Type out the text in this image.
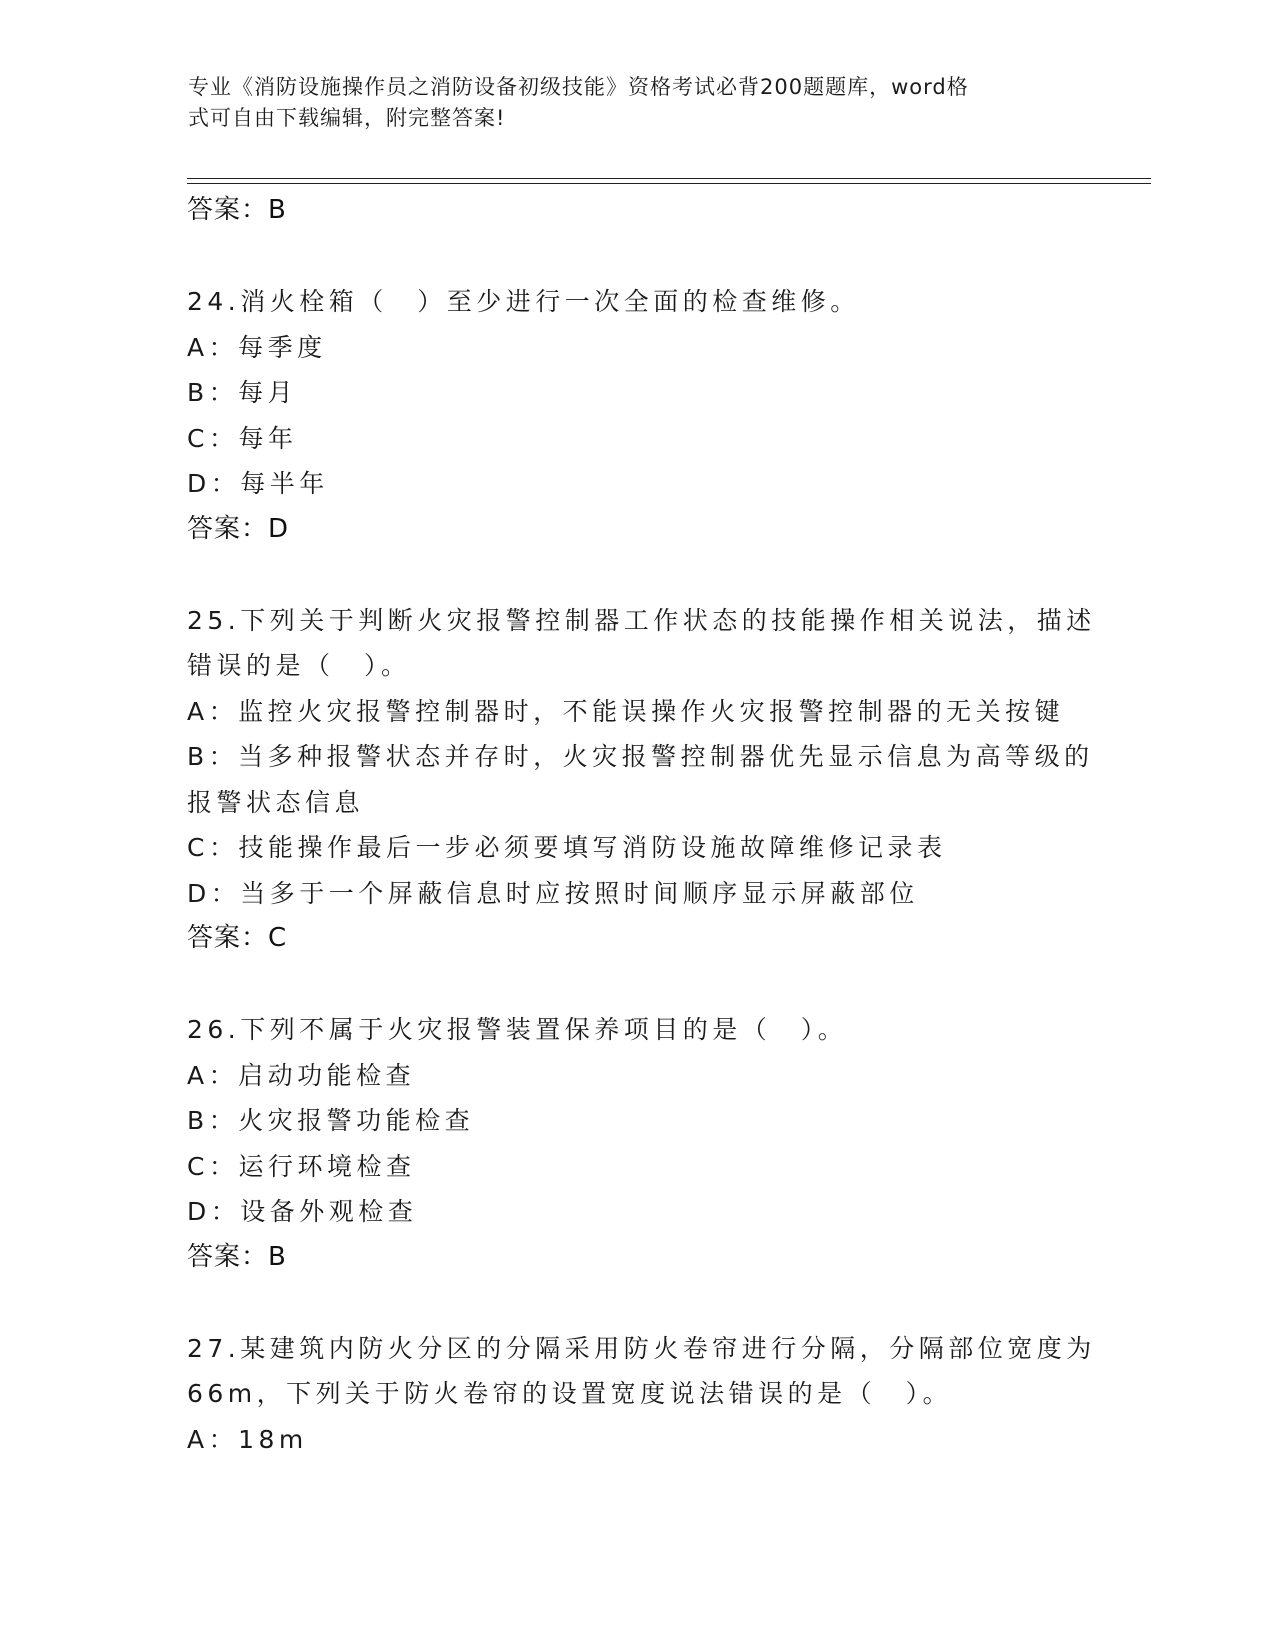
专业《消防设施操作员之消防设备初级技能》资格考试必背200题题库，word格
式可自由下载编辑，附完整答案!
答案：B
24.消火栓箱（　）至少进行一次全面的检查维修。
A：每季度
B：每月
C：每年
D：每半年
答案：D
25.下列关于判断火灾报警控制器工作状态的技能操作相关说法，描述
错误的是（　）。
A：监控火灾报警控制器时，不能误操作火灾报警控制器的无关按键
B：当多种报警状态并存时，火灾报警控制器优先显示信息为高等级的
报警状态信息
C：技能操作最后一步必须要填写消防设施故障维修记录表
D：当多于一个屏蔽信息时应按照时间顺序显示屏蔽部位
答案：C
26.下列不属于火灾报警装置保养项目的是（　）。
A：启动功能检查
B：火灾报警功能检查
C：运行环境检查
D：设备外观检查
答案：B
27.某建筑内防火分区的分隔采用防火卷帘进行分隔，分隔部位宽度为
66m，下列关于防火卷帘的设置宽度说法错误的是（　）。
A：18m
